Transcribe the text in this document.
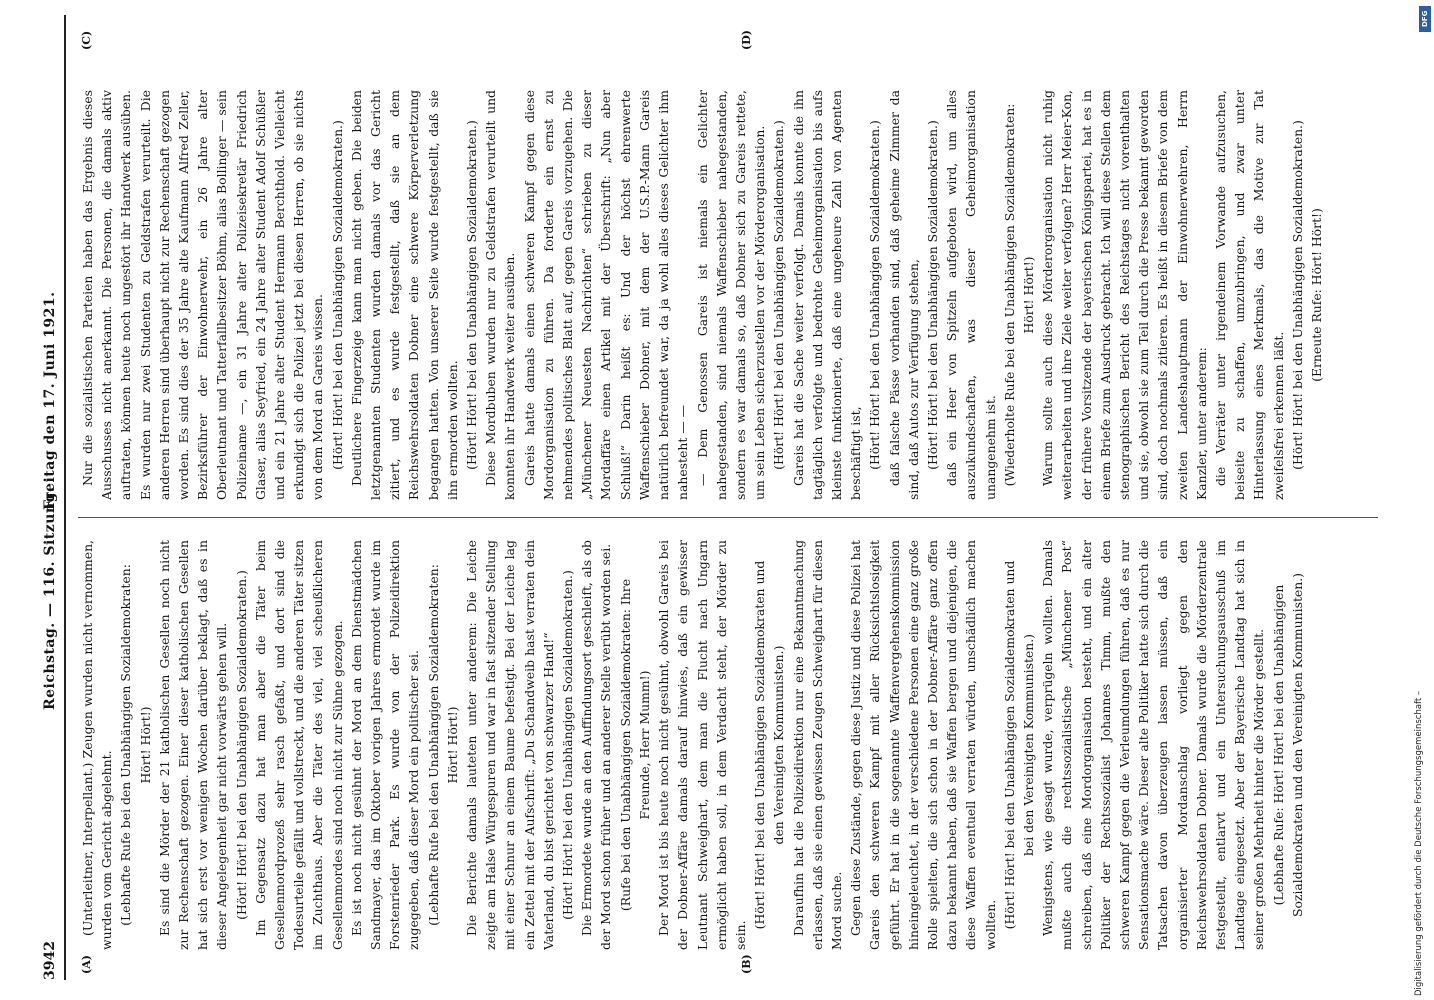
3942
Reichstag. — 116. Sitzung.
Freitag den 17. Juni 1921.
(A)	(B)
(C)	(D)

(Unterleitner, Interpellant.) Zeugen wurden nicht vernommen, wurden vom Gericht abgelehnt. (Lebhafte Rufe bei den Unabhängigen Sozialdemokraten: Hört! Hört!) Es sind die Mörder der 21 katholischen Gesellen noch nicht zur Rechenschaft gezogen. Einer dieser katholischen Gesellen hat sich erst vor wenigen Wochen darüber beklagt, daß es in dieser Angelegenheit gar nicht vorwärts gehen will. (Hört! Hört! bei den Unabhängigen Sozialdemokraten.) Im Gegensatz dazu hat man aber die Täter beim Gesellenmordprozeß sehr rasch gefaßt, und dort sind die Todesurteile gefällt und vollstreckt, und die anderen Täter sitzen im Zuchthaus. Aber die Täter des viel, viel scheußlicheren Gesellenmordes sind noch nicht zur Sühne gezogen. Es ist noch nicht gesühnt der Mord an dem Dienstmädchen Sandmayer, das im Oktober vorigen Jahres ermordet wurde im Forstenrieder Park. Es wurde von der Polizeidirektion zugegeben, daß dieser Mord ein politischer sei. (Lebhafte Rufe bei den Unabhängigen Sozialdemokraten: Hört! Hört!) Die Berichte damals lauteten unter anderem: Die Leiche zeigte am Halse Würgespuren und war in fast sitzender Stellung mit einer Schnur an einem Baume befestigt. Bei der Leiche lag ein Zettel mit der Aufschrift: „Du Schandweib hast verraten dein Vaterland, du bist gerichtet von schwarzer Hand!“ (Hört! Hört! bei den Unabhängigen Sozialdemokraten.) Die Ermordete wurde an den Auffindungsort geschleift, als ob der Mord schon früher und an anderer Stelle verübt worden sei. (Rufe bei den Unabhängigen Sozialdemokraten: Ihre Freunde, Herr Mumm!) Der Mord ist bis heute noch nicht gesühnt, obwohl Gareis bei der Dobner-Affäre damals darauf hinwies, daß ein gewisser Leutnant Schweighart, dem man die Flucht nach Ungarn ermöglicht haben soll, in dem Verdacht steht, der Mörder zu sein.

(Hört! Hört! bei den Unabhängigen Sozialdemokraten und den Vereinigten Kommunisten.) Daraufhin hat die Polizeidirektion nur eine Bekanntmachung erlassen, daß sie einen gewissen Zeugen Schweighart für diesen Mord suche. Gegen diese Zustände, gegen diese Justiz und diese Polizei hat Gareis den schweren Kampf mit aller Rücksichtslosigkeit geführt. Er hat in die sogenannte Waffenvergehenskommission hineingeleuchtet, in der verschiedene Personen eine ganz große Rolle spielten, die sich schon in der Dobner-Affäre ganz offen dazu bekannt haben, daß sie Waffen bergen und diejenigen, die diese Waffen eventuell verraten würden, unschädlich machen wollten. (Hört! Hört! bei den Unabhängigen Sozialdemokraten und bei den Vereinigten Kommunisten.) Wenigstens, wie gesagt wurde, verprügeln wollten. Damals mußte auch die rechtssozialistische „Münchener Post“ schreiben, daß eine Mordorganisation besteht, und ein alter Politiker der Rechtssozialist Johannes Timm, mußte den schweren Kampf gegen die Verleumdungen führen, daß es nur Sensationsmache wäre. Dieser alte Politiker hatte sich durch die Tatsachen davon überzeugen lassen müssen, daß ein organisierter Mordanschlag vorliegt gegen den Reichswehrsoldaten Dobner. Damals wurde die Mörderzentrale festgestellt, entlarvt und ein Untersuchungsausschuß im Landtage eingesetzt. Aber der Bayerische Landtag hat sich in seiner großen Mehrheit hinter die Mörder gestellt. (Lebhafte Rufe: Hört! Hört! bei den Unabhängigen Sozialdemokraten und den Vereinigten Kommunisten.)

Nur die sozialistischen Parteien haben das Ergebnis dieses Ausschusses nicht anerkannt. Die Personen, die damals aktiv auftraten, können heute noch ungestört ihr Handwerk ausüben. Es wurden nur zwei Studenten zu Geldstrafen verurteilt. Die anderen Herren sind überhaupt nicht zur Rechenschaft gezogen worden. Es sind dies der 35 Jahre alte Kaufmann Alfred Zeller, Bezirksführer der Einwohnerwehr, ein 26 Jahre alter Oberleutnant und Tatterfallbesitzer Böhm, alias Bollinger — sein Polizeiname —, ein 31 Jahre alter Polizeisekretär Friedrich Glaser, alias Seyfried, ein 24 Jahre alter Student Adolf Schüßler und ein 21 Jahre alter Student Hermann Berchthold. Vielleicht erkundigt sich die Polizei jetzt bei diesen Herren, ob sie nichts von dem Mord an Gareis wissen. (Hört! Hört! bei den Unabhängigen Sozialdemokraten.) Deutlichere Fingerzeige kann man nicht geben. Die beiden letztgenannten Studenten wurden damals vor das Gericht zitiert, und es wurde festgestellt, daß sie an dem Reichswehrsoldaten Dobner eine schwere Körperverletzung begangen hatten. Von unserer Seite wurde festgestellt, daß sie ihn ermorden wollten. (Hört! Hört! bei den Unabhängigen Sozialdemokraten.) Diese Mordbuben wurden nur zu Geldstrafen verurteilt und konnten ihr Handwerk weiter ausüben. Gareis hatte damals einen schweren Kampf gegen diese Mordorganisation zu führen. Da forderte ein ernst zu nehmendes politisches Blatt auf, gegen Gareis vorzugehen. Die „Münchener Neuesten Nachrichten“ schrieben zu dieser Mordaffäre einen Artikel mit der Überschrift: „Nun aber Schluß!“ Darin heißt es: Und der höchst ehrenwerte Waffenschieber Dobner, mit dem der U.S.P.-Mann Gareis natürlich befreundet war, da ja wohl alles dieses Gelichter ihm nahesteht — — — Dem Genossen Gareis ist niemals ein Gelichter nahegestanden, sind niemals Waffenschieber nahegestanden, sondern es war damals so, daß Dobner sich zu Gareis rettete, um sein Leben sicherzustellen vor der Mörderorganisation. (Hört! Hört! bei den Unabhängigen Sozialdemokraten.) Gareis hat die Sache weiter verfolgt. Damals konnte die ihn tagtäglich verfolgte und bedrohte Geheimorganisation bis aufs kleinste funktionierte, daß eine ungeheure Zahl von Agenten beschäftigt ist, (Hört! Hört! bei den Unabhängigen Sozialdemokraten.) daß falsche Pässe vorhanden sind, daß geheime Zimmer da sind, daß Autos zur Verfügung stehen, (Hört! Hört! bei den Unabhängigen Sozialdemokraten.) daß ein Heer von Spitzeln aufgeboten wird, um alles auszukundschaften, was dieser Geheimorganisation unangenehm ist. (Wiederholte Rufe bei den Unabhängigen Sozialdemokraten: Hört! Hört!) Warum sollte auch diese Mörderorganisation nicht ruhig weiterarbeiten und ihre Ziele weiter verfolgen? Herr Meier-Kon, der frühere Vorsitzende der bayerischen Königspartei, hat es in einem Briefe zum Ausdruck gebracht. Ich will diese Stellen dem stenographischen Bericht des Reichstages nicht vorenthalten und sie, obwohl sie zum Teil durch die Presse bekannt geworden sind, doch nochmals zitieren. Es heißt in diesem Briefe von dem zweiten Landeshauptmann der Einwohnerwehren, Herrn Kanzler, unter anderem: die Verräter unter irgendeinem Vorwande aufzusuchen, beiseite zu schaffen, umzubringen, und zwar unter Hinterlassung eines Merkmals, das die Motive zur Tat zweifelsfrei erkennen läßt. (Hört! Hört! bei den Unabhängigen Sozialdemokraten.) (Erneute Rufe: Hört! Hört!)

Digitalisierung gefördert durch die Deutsche Forschungsgemeinschaft –
DFG
